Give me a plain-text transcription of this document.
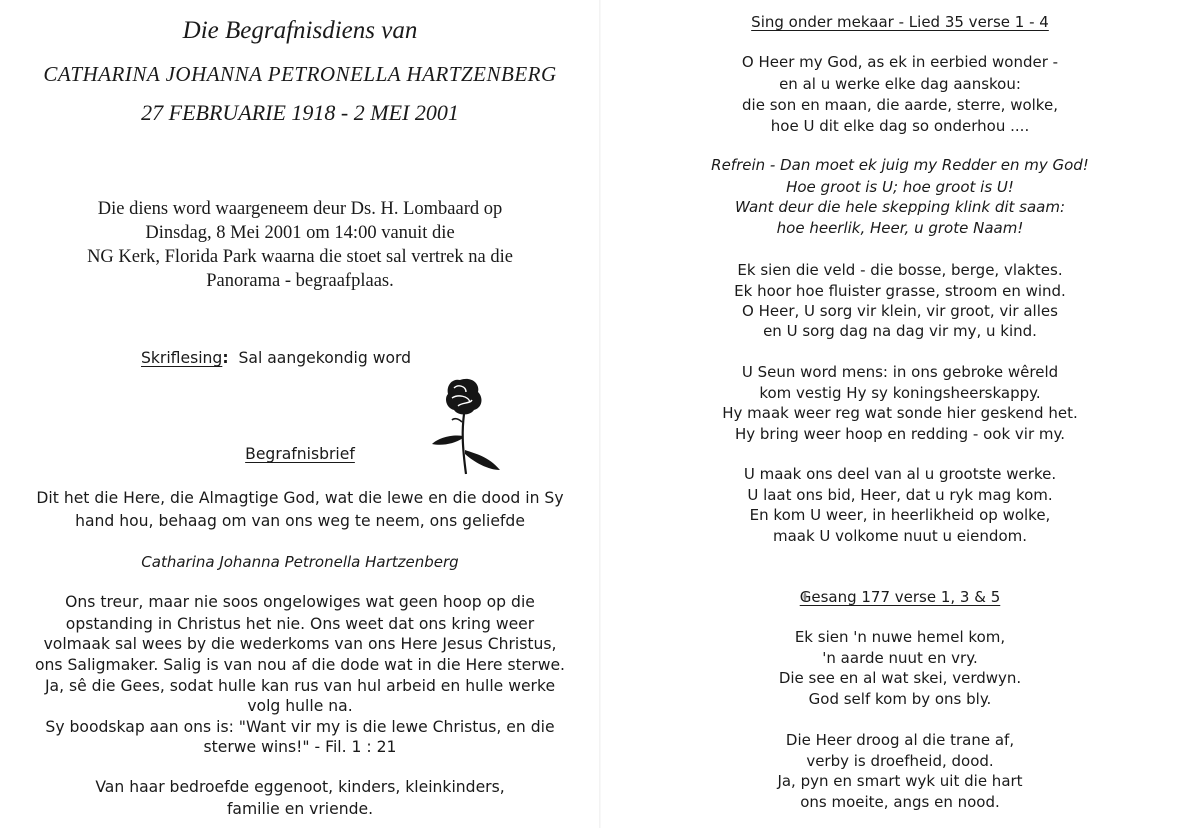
Die Begrafnisdiens van
CATHARINA JOHANNA PETRONELLA HARTZENBERG
27 FEBRUARIE 1918 - 2 MEI 2001
Die diens word waargeneem deur Ds. H. Lombaard op
Dinsdag, 8 Mei 2001 om 14:00 vanuit die
NG Kerk, Florida Park waarna die stoet sal vertrek na die
Panorama - begraafplaas.
Skriflesing: Sal aangekondig word
Begrafnisbrief
Dit het die Here, die Almagtige God, wat die lewe en die dood in Sy
hand hou, behaag om van ons weg te neem, ons geliefde
Catharina Johanna Petronella Hartzenberg
Ons treur, maar nie soos ongelowiges wat geen hoop op die
opstanding in Christus het nie. Ons weet dat ons kring weer
volmaak sal wees by die wederkoms van ons Here Jesus Christus,
ons Saligmaker. Salig is van nou af die dode wat in die Here sterwe.
Ja, sê die Gees, sodat hulle kan rus van hul arbeid en hulle werke
volg hulle na.
Sy boodskap aan ons is: "Want vir my is die lewe Christus, en die
sterwe wins!" - Fil. 1 : 21
Van haar bedroefde eggenoot, kinders, kleinkinders,
familie en vriende.
Sing onder mekaar - Lied 35 verse 1 - 4
O Heer my God, as ek in eerbied wonder -
en al u werke elke dag aanskou:
die son en maan, die aarde, sterre, wolke,
hoe U dit elke dag so onderhou ....
Refrein - Dan moet ek juig my Redder en my God!
Hoe groot is U; hoe groot is U!
Want deur die hele skepping klink dit saam:
hoe heerlik, Heer, u grote Naam!
Ek sien die veld - die bosse, berge, vlaktes.
Ek hoor hoe fluister grasse, stroom en wind.
O Heer, U sorg vir klein, vir groot, vir alles
en U sorg dag na dag vir my, u kind.
U Seun word mens: in ons gebroke wêreld
kom vestig Hy sy koningsheerskappy.
Hy maak weer reg wat sonde hier geskend het.
Hy bring weer hoop en redding - ook vir my.
U maak ons deel van al u grootste werke.
U laat ons bid, Heer, dat u ryk mag kom.
En kom U weer, in heerlikheid op wolke,
maak U volkome nuut u eiendom.
Gesang 177 verse 1, 3 & 5
Ek sien 'n nuwe hemel kom,
'n aarde nuut en vry.
Die see en al wat skei, verdwyn.
God self kom by ons bly.
Die Heer droog al die trane af,
verby is droefheid, dood.
Ja, pyn en smart wyk uit die hart
ons moeite, angs en nood.
